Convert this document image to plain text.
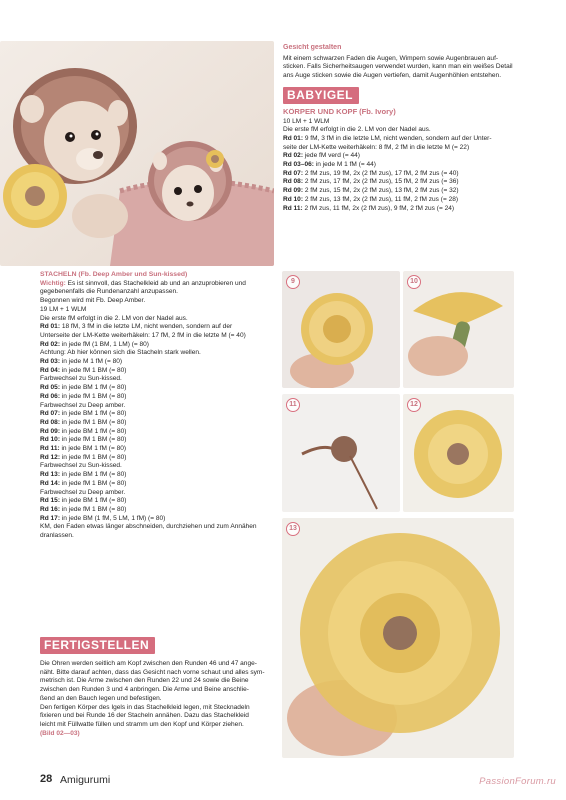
Gesicht gestalten

Mit einem schwarzen Faden die Augen, Wimpern sowie Augenbrauen auf-

sticken. Falls Sicherheitsaugen verwendet wurden, kann man ein weißes Detail

ans Auge sticken sowie die Augen vertiefen, damit Augenhöhlen entstehen.

BABYIGEL

KÖRPER UND KOPF (Fb. Ivory)

10 LM + 1 WLM

Die erste fM erfolgt in die 2. LM von der Nadel aus.

Rd 01: 9 fM, 3 fM in die letzte LM, nicht wenden, sondern auf der Unter-

seite der LM-Kette weiterhäkeln: 8 fM, 2 fM in die letzte M (= 22)

Rd 02: jede fM verd (= 44)

Rd 03–06: in jede M 1 fM (= 44)

Rd 07: 2 fM zus, 19 fM, 2x (2 fM zus), 17 fM, 2 fM zus (= 40)

Rd 08: 2 fM zus, 17 fM, 2x (2 fM zus), 15 fM, 2 fM zus (= 36)

Rd 09: 2 fM zus, 15 fM, 2x (2 fM zus), 13 fM, 2 fM zus (= 32)

Rd 10: 2 fM zus, 13 fM, 2x (2 fM zus), 11 fM, 2 fM zus (= 28)

Rd 11: 2 fM zus, 11 fM, 2x (2 fM zus), 9 fM, 2 fM zus (= 24)

STACHELN (Fb. Deep Amber und Sun-kissed)

Wichtig: Es ist sinnvoll, das Stachelkleid ab und an anzuprobieren und

gegebenenfalls die Rundenanzahl anzupassen.

Begonnen wird mit Fb. Deep Amber.

19 LM + 1 WLM

Die erste fM erfolgt in die 2. LM von der Nadel aus.

Rd 01: 18 fM, 3 fM in die letzte LM, nicht wenden, sondern auf der

Unterseite der LM-Kette weiterhäkeln: 17 fM, 2 fM in die letzte M (= 40)

Rd 02: in jede fM (1 BM, 1 LM) (= 80)

Achtung: Ab hier können sich die Stacheln stark wellen.

Rd 03: in jede M 1 fM (= 80)

Rd 04: in jede fM 1 BM (= 80)

Farbwechsel zu Sun-kissed.

Rd 05: in jede BM 1 fM (= 80)

Rd 06: in jede fM 1 BM (= 80)

Farbwechsel zu Deep amber.

Rd 07: in jede BM 1 fM (= 80)

Rd 08: in jede fM 1 BM (= 80)

Rd 09: in jede BM 1 fM (= 80)

Rd 10: in jede fM 1 BM (= 80)

Rd 11: in jede BM 1 fM (= 80)

Rd 12: in jede fM 1 BM (= 80)

Farbwechsel zu Sun-kissed.

Rd 13: in jede BM 1 fM (= 80)

Rd 14: in jede fM 1 BM (= 80)

Farbwechsel zu Deep amber.

Rd 15: in jede BM 1 fM (= 80)

Rd 16: in jede fM 1 BM (= 80)

Rd 17: in jede BM (1 fM, 5 LM, 1 fM) (= 80)

KM, den Faden etwas länger abschneiden, durchziehen und zum Annähen

dranlassen.

FERTIGSTELLEN

Die Ohren werden seitlich am Kopf zwischen den Runden 46 und 47 ange-

näht. Bitte darauf achten, dass das Gesicht nach vorne schaut und alles sym-

metrisch ist. Die Arme zwischen den Runden 22 und 24 sowie die Beine

zwischen den Runden 3 und 4 anbringen. Die Arme und Beine anschlie-

ßend an den Bauch legen und befestigen.

Den fertigen Körper des Igels in das Stachelkleid legen, mit Stecknadeln

fixieren und bei Runde 16 der Stacheln annähen. Dazu das Stachelkleid

leicht mit Füllwatte füllen und stramm um den Kopf und Körper ziehen.

(Bild 02—03)

9	10
11	12
13
28 Amigurumi	PassionForum.ru
